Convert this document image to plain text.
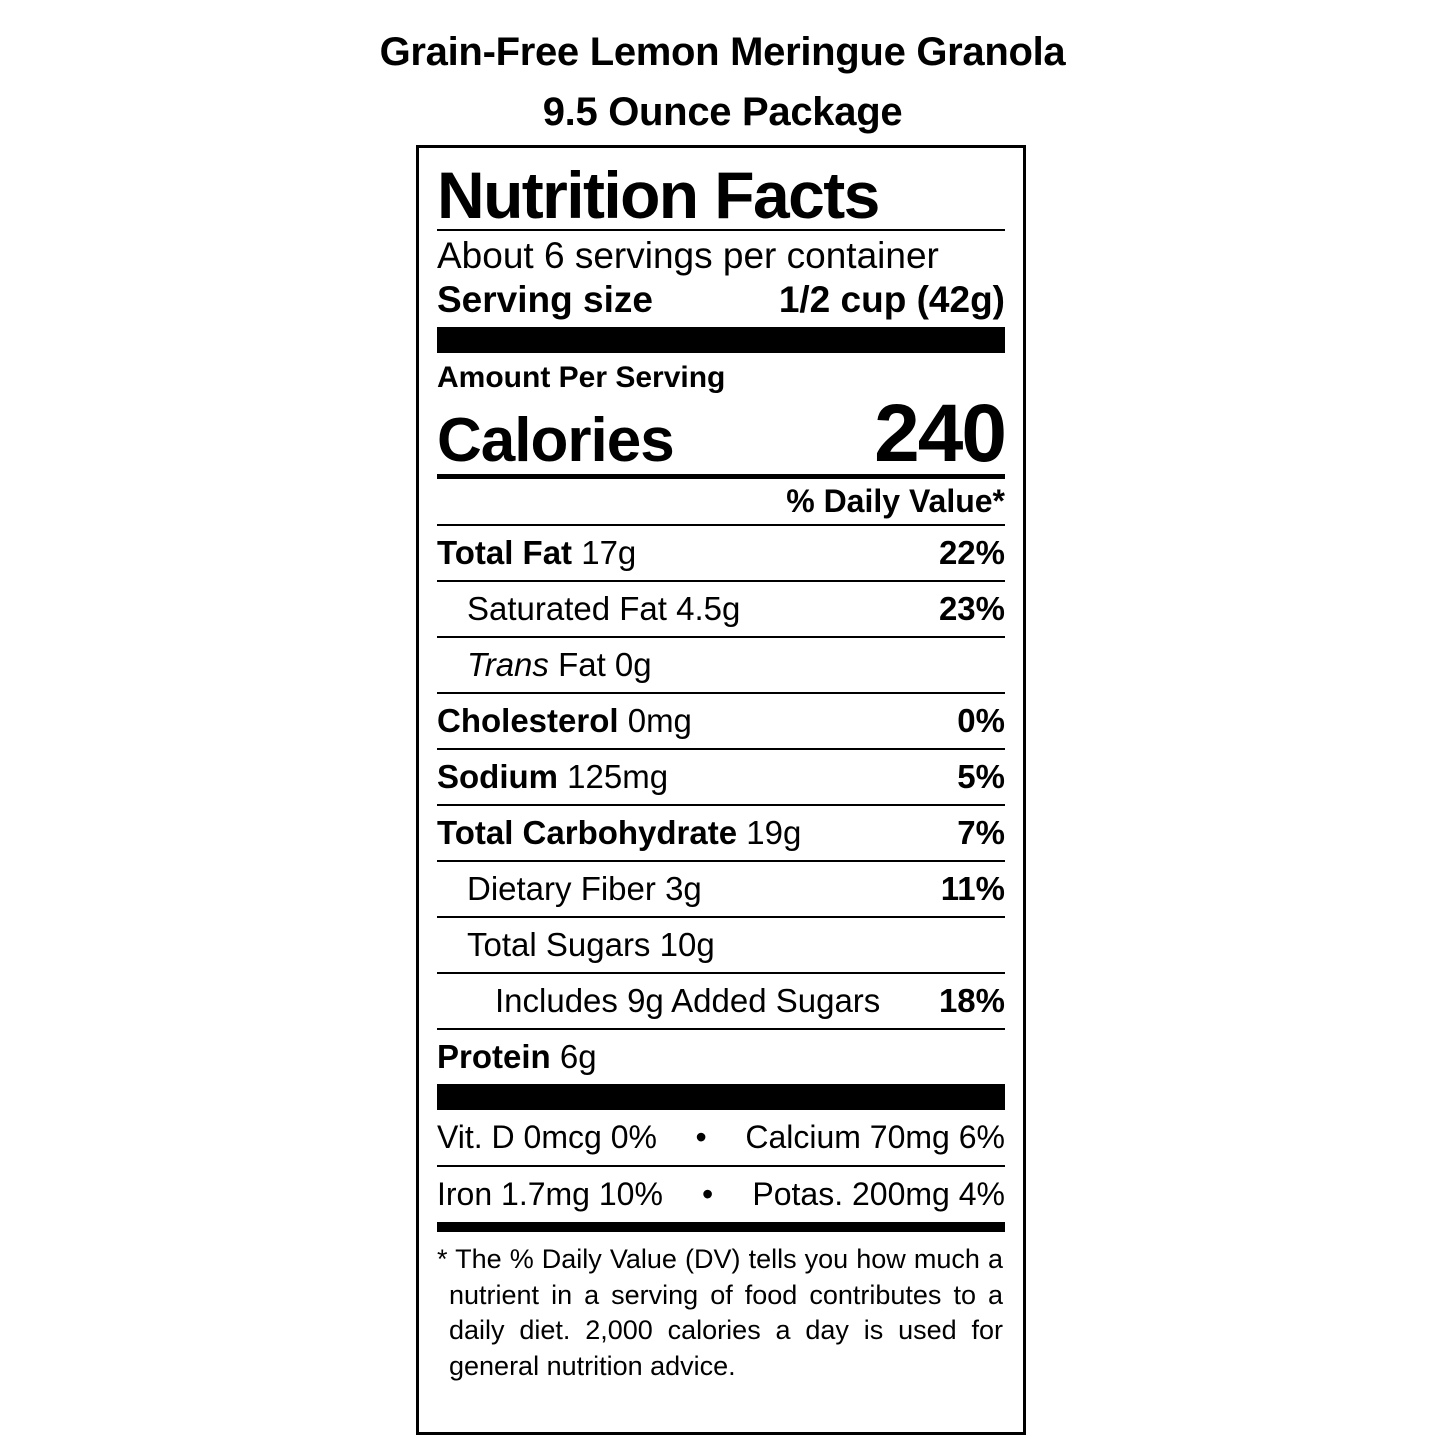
Grain-Free Lemon Meringue Granola
9.5 Ounce Package
Nutrition Facts
About 6 servings per container
Serving size	1/2 cup (42g)
Amount Per Serving
Calories 240
% Daily Value*
Total Fat 17g	22%
Saturated Fat 4.5g	23%
Trans Fat 0g
Cholesterol 0mg	0%
Sodium 125mg	5%
Total Carbohydrate 19g	7%
Dietary Fiber 3g	11%
Total Sugars 10g
Includes 9g Added Sugars 18%
Protein 6g
Vit. D 0mcg 0% • Calcium 70mg 6%
Iron 1.7mg 10% • Potas. 200mg 4%
* The % Daily Value (DV) tells you how much a nutrient in a serving of food contributes to a daily diet. 2,000 calories a day is used for general nutrition advice.
